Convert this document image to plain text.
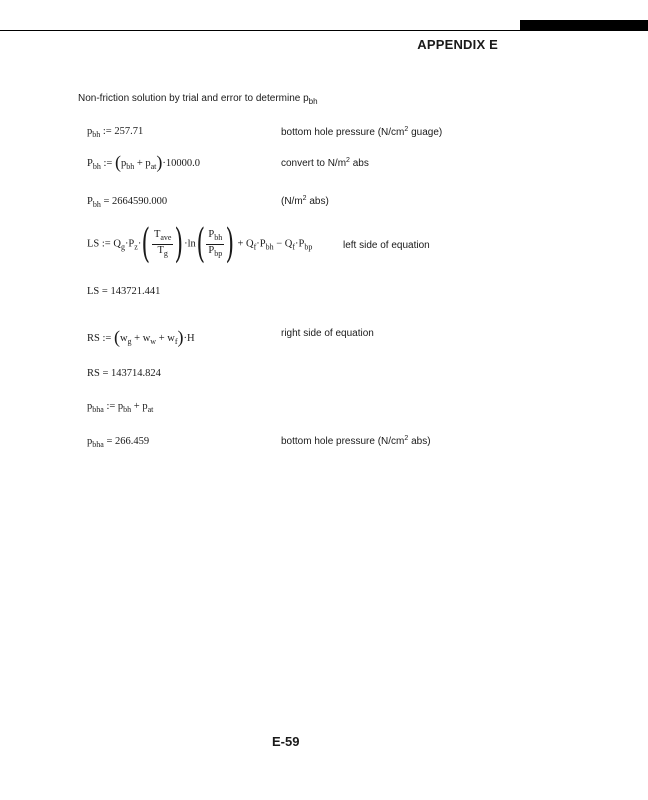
APPENDIX E
Non-friction solution by trial and error to determine $p_{bh}$
$p_{bh}$ := 257.71	bottom hole pressure ($N/cm^2$ guage)
$P_{bh}$ := $(p_{bh} + p_{at})\cdot 10000.0$	convert to $N/m^2$ abs
$P_{bh} = 2664590.000$	($N/m^2$ abs)
LS := $Q_g\cdot P_z\cdot( \frac{T_{ave}}{T_g} )\cdot\ln( \frac{P_{bh}}{P_{bp}}$ ) + $Q_f\cdot P_{bh} - Q_f\cdot P_{bp}$	left side of equation
LS = 143721.441
RS := $(w_g + w_w + w_f)\cdot H$	right side of equation
RS = 143714.824
$p_{bha}$ := $p_{bh} + p_{at}$
$p_{bha} = 266.459$	bottom hole pressure ($N/cm^2$ abs)
E-59
